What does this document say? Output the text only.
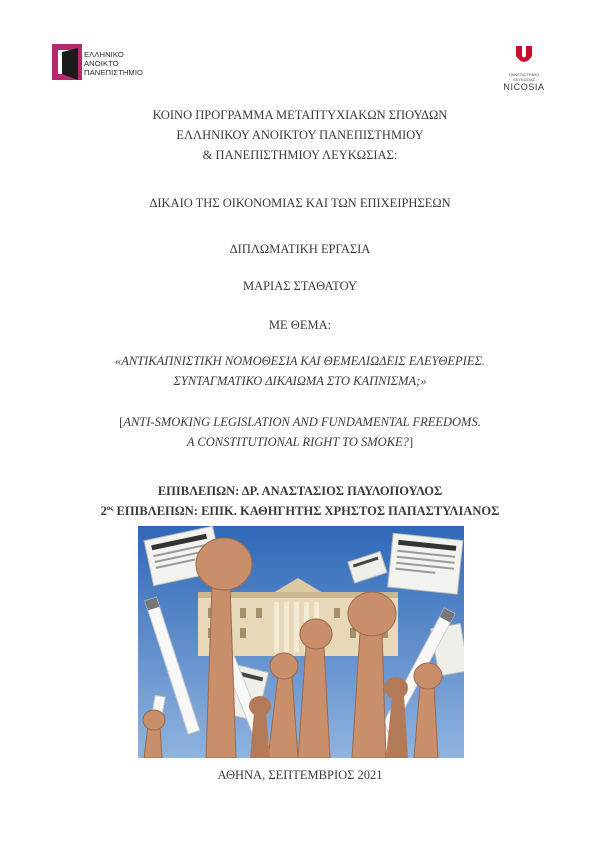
ΕΛΛΗΝΙΚΟ
ΑΝΟΙΚΤΟ
ΠΑΝΕΠΙΣΤΗΜΙΟ	ΠΑΝΕΠΙΣΤΗΜΙΟ ΛΕΥΚΩΣΙΑΣ
NICOSIA
ΚΟΙΝΟ ΠΡΟΓΡΑΜΜΑ ΜΕΤΑΠΤΥΧΙΑΚΩΝ ΣΠΟΥΔΩΝ
ΕΛΛΗΝΙΚΟΥ ΑΝΟΙΚΤΟΥ ΠΑΝΕΠΙΣΤΗΜΙΟΥ
& ΠΑΝΕΠΙΣΤΗΜΙΟΥ ΛΕΥΚΩΣΙΑΣ:
ΔΙΚΑΙΟ ΤΗΣ ΟΙΚΟΝΟΜΙΑΣ ΚΑΙ ΤΩΝ ΕΠΙΧΕΙΡΗΣΕΩΝ
ΔΙΠΛΩΜΑΤΙΚΗ ΕΡΓΑΣΙΑ
ΜΑΡΙΑΣ ΣΤΑΘΑΤΟΥ
ΜΕ ΘΕΜΑ:
«ΑΝΤΙΚΑΠΝΙΣΤΙΚΗ ΝΟΜΟΘΕΣΙΑ ΚΑΙ ΘΕΜΕΛΙΩΔΕΙΣ ΕΛΕΥΘΕΡΙΕΣ.
ΣΥΝΤΑΓΜΑΤΙΚΟ ΔΙΚΑΙΩΜΑ ΣΤΟ ΚΑΠΝΙΣΜΑ;»
[ANTI-SMOKING LEGISLATION AND FUNDAMENTAL FREEDOMS.
A CONSTITUTIONAL RIGHT TO SMOKE?]
ΕΠΙΒΛΕΠΩΝ: ΔΡ. ΑΝΑΣΤΑΣΙΟΣ ΠΑΥΛΟΠΟΥΛΟΣ
$2^{o\varsigma}$ ΕΠΙΒΛΕΠΩΝ: ΕΠΙΚ. ΚΑΘΗΓΗΤΗΣ ΧΡΗΣΤΟΣ ΠΑΠΑΣΤΥΛΙΑΝΟΣ
ΑΘΗΝΑ, ΣΕΠΤΕΜΒΡΙΟΣ 2021
